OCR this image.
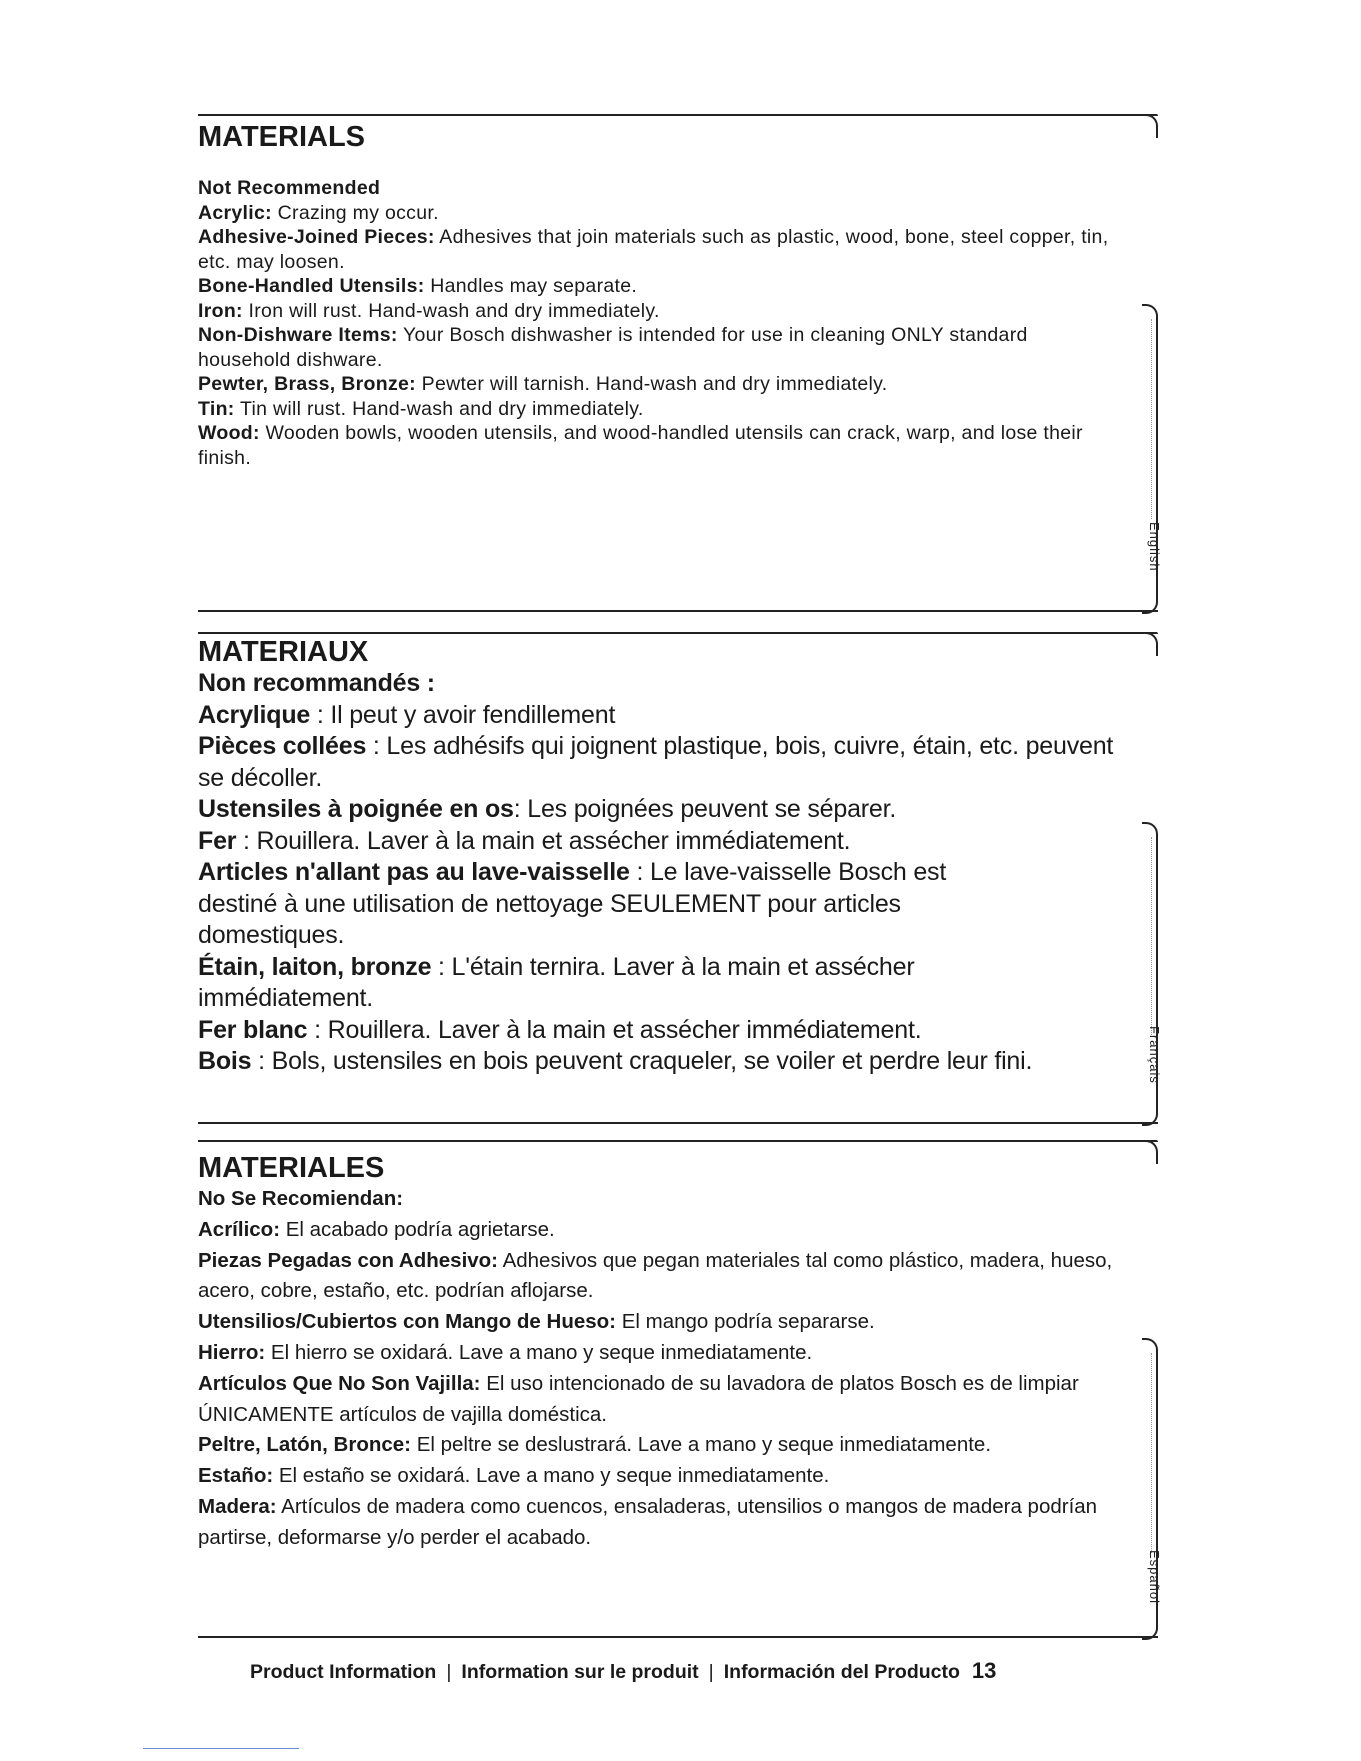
MATERIALS

Not Recommended

Acrylic: Crazing my occur.

Adhesive-Joined Pieces: Adhesives that join materials such as plastic, wood, bone, steel copper, tin, etc. may loosen.

Bone-Handled Utensils: Handles may separate.

Iron: Iron will rust. Hand-wash and dry immediately.

Non-Dishware Items: Your Bosch dishwasher is intended for use in cleaning ONLY standard household dishware.

Pewter, Brass, Bronze: Pewter will tarnish. Hand-wash and dry immediately.

Tin: Tin will rust. Hand-wash and dry immediately.

Wood: Wooden bowls, wooden utensils, and wood-handled utensils can crack, warp, and lose their finish.

English
MATERIAUX

Non recommandés :

Acrylique : Il peut y avoir fendillement

Pièces collées : Les adhésifs qui joignent plastique, bois, cuivre, étain, etc. peuvent se décoller.

Ustensiles à poignée en os: Les poignées peuvent se séparer.

Fer : Rouillera. Laver à la main et assécher immédiatement.

Articles n'allant pas au lave-vaisselle : Le lave-vaisselle Bosch est destiné à une utilisation de nettoyage SEULEMENT pour articles domestiques.

Étain, laiton, bronze : L'étain ternira. Laver à la main et assécher immédiatement.

Fer blanc : Rouillera. Laver à la main et assécher immédiatement.

Bois : Bols, ustensiles en bois peuvent craqueler, se voiler et perdre leur fini.	Français
MATERIALES

No Se Recomiendan:

Acrílico: El acabado podría agrietarse.

Piezas Pegadas con Adhesivo: Adhesivos que pegan materiales tal como plástico, madera, hueso, acero, cobre, estaño, etc. podrían aflojarse.

Utensilios/Cubiertos con Mango de Hueso: El mango podría separarse.

Hierro: El hierro se oxidará. Lave a mano y seque inmediatamente.

Artículos Que No Son Vajilla: El uso intencionado de su lavadora de platos Bosch es de limpiar ÚNICAMENTE artículos de vajilla doméstica.

Peltre, Latón, Bronce: El peltre se deslustrará. Lave a mano y seque inmediatamente.

Estaño: El estaño se oxidará. Lave a mano y seque inmediatamente.

Madera: Artículos de madera como cuencos, ensaladeras, utensilios o mangos de madera podrían partirse, deformarse y/o perder el acabado.

Español
Product Information | Information sur le produit | Información del Producto 13
